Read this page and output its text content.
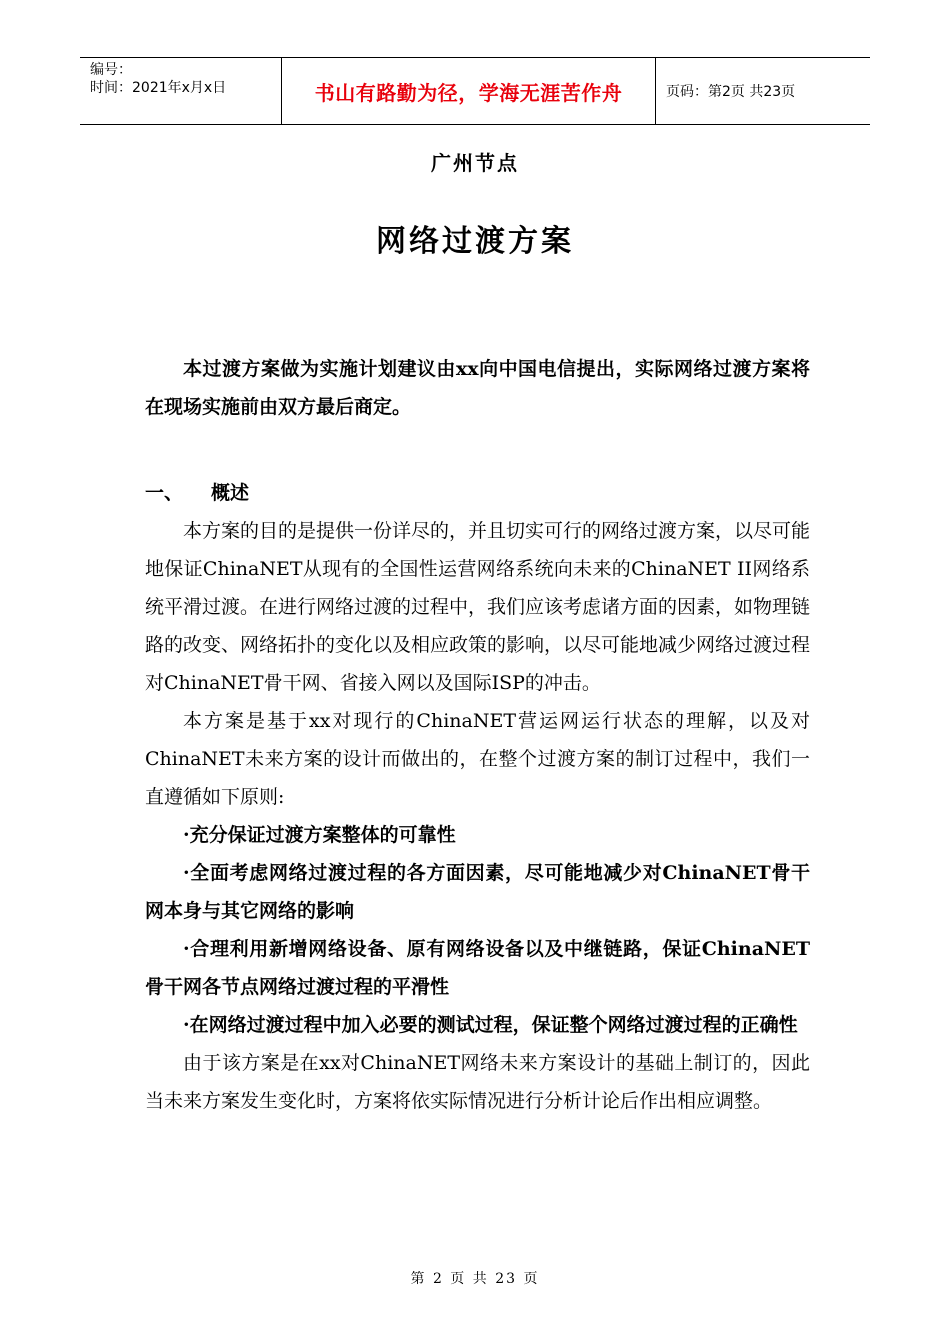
编号：
时间：2021年x月x日	书山有路勤为径，学海无涯苦作舟	页码：第2页 共23页
广州节点
网络过渡方案

本过渡方案做为实施计划建议由xx向中国电信提出，实际网络过渡方案将在现场实施前由双方最后商定。

一、 概述

本方案的目的是提供一份详尽的，并且切实可行的网络过渡方案，以尽可能地保证ChinaNET从现有的全国性运营网络系统向未来的ChinaNET II网络系统平滑过渡。在进行网络过渡的过程中，我们应该考虑诸方面的因素，如物理链路的改变、网络拓扑的变化以及相应政策的影响，以尽可能地减少网络过渡过程对ChinaNET骨干网、省接入网以及国际ISP的冲击。

本方案是基于xx对现行的ChinaNET营运网运行状态的理解，以及对ChinaNET未来方案的设计而做出的，在整个过渡方案的制订过程中，我们一直遵循如下原则:

·充分保证过渡方案整体的可靠性

·全面考虑网络过渡过程的各方面因素，尽可能地减少对ChinaNET骨干网本身与其它网络的影响

·合理利用新增网络设备、原有网络设备以及中继链路，保证ChinaNET骨干网各节点网络过渡过程的平滑性

·在网络过渡过程中加入必要的测试过程，保证整个网络过渡过程的正确性

由于该方案是在xx对ChinaNET网络未来方案设计的基础上制订的，因此当未来方案发生变化时，方案将依实际情况进行分析计论后作出相应调整。

第 2 页 共 23 页
